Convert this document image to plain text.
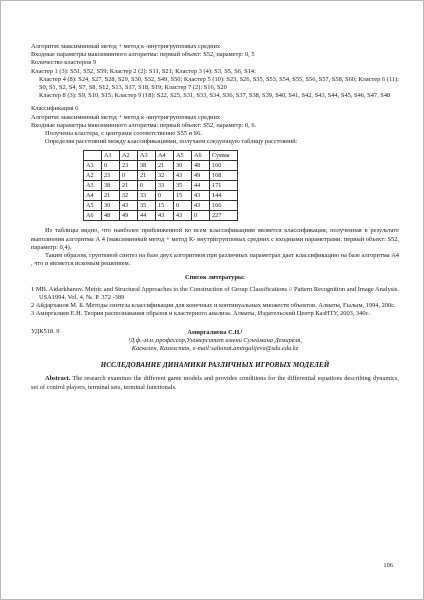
Алгоритм: максиминный метод + метод к -внутригрупповых средних

Входные параметры максиминного алгоритма: первый объект: S52, параметр: 0, 5

Количество кластеров 9

Кластер 1 (3): S51, S52, S59; Кластер 2 (2): S11, S21; Кластер 3 (4): S3, S5, S6, S14;

Кластер 4 (8): S24, S27, S28, S29, S30, S32, S49, S50; Кластер 5 (10): S23, S26, S35, S53, S54, S55, S56, S57, S58, S60; Кластер 6 (11): S0, S1, S2, S4, S7, S8, S12, S13, S17, S18, S19; Кластер 7 (2): S16, S20

Кластер 8 (3): S9, S10, S15; Кластер 9 (18): S22, S25, S31, S33, S34, S36, S37, S38, S39, S40, S41, S42, S43, S44, S45, S46, S47, S48

Классификация 6

Алгоритм: максиминный метод + метод к -внутригрупповых средних

Входные параметры максиминного алгоритма: первый объект: S52, параметр: 0, 6.

Получены кластера, с центрами соответственно S55 и S6.

Определяя расстояний между классификациями, получаем следующую таблицу расстояний:

	A1	A2	A3	A4	A5	A6	Сумма
A1	0	23	38	21	30	48	160
A2	23	0	21	32	43	49	168
A3	38	21	0	33	35	44	171
A4	21	32	33	0	15	43	144
A5	30	43	35	15	0	43	166
A6	48	49	44	43	43	0	227

Из таблицы видно, что наиболее приближенной ко всем классификациям является классификация, полученная в результате выполнения алгоритма А 4 (максиминный метод + метод К- внутригрупповых средних с входными параметрами: первый объект: S52, параметр: 0,4).

Таким образом, групповой синтез на базе двух алгоритмов при различных параметрах дает классификацию на базе алгоритма А4 , что и является искомым решением.

Список литературы:

1 MB. Aidarkhanov. Metric and Structural Approaches to the Construction of Group Classifications // Pattern Recognition and Image Analysis. USA1994. Vol. 4, №. P. 372 -389

2 Айдарханов М. Б. Методы синтеза классификации для конечных и континуальных множеств объектов. Алматы, Ғылым, 1994, 200с.

3 Амиргалиев Е.Н. Теория распознавания образов и кластерного анализа. Алматы, Издательский Центр КазНТУ, 2003, 340с.

УДК518. 9	Амиргалиева С.Н.¹

¹Д.ф.-м.н.,профессор,Университет имени Сулеймана Демиреля,

Каскелен, Казахстан, e-mail:saltanat.amirgalijeva@sdu.edu.kz

ИССЛЕДОВАНИЕ ДИНАМИКИ РАЗЛИЧНЫХ ИГРОВЫХ МОДЕЛЕЙ

Abstract. The research examines the different game models and provides conditions for the differential equations describing dynamics, set of control players, terminal sets, terminal functionals.

106
